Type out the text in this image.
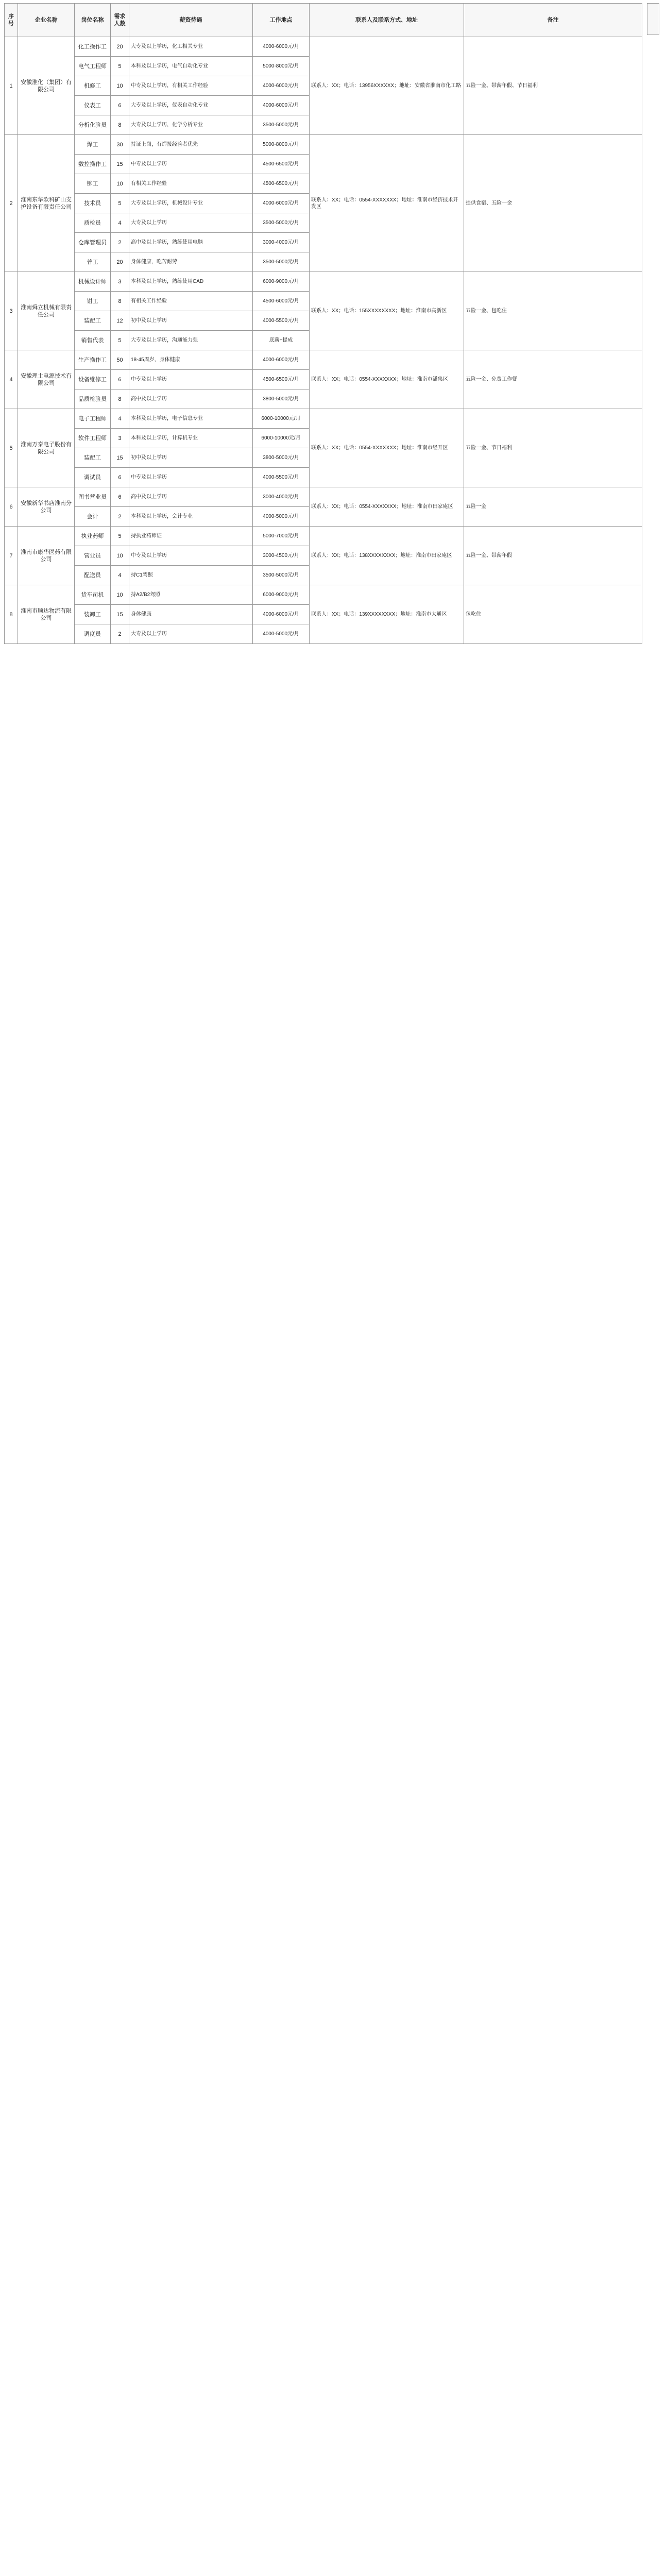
序号	企业名称	岗位名称	需求人数	薪资待遇	工作地点	联系人及联系方式、地址	备注
1	安徽淮化（集团）有限公司	化工操作工	20	大专及以上学历，化工相关专业	4000-6000元/月	联系人：XX；电话：13956XXXXXX；地址：安徽省淮南市化工路	五险一金、带薪年假、节日福利
		电气工程师	5	本科及以上学历，电气自动化专业	5000-8000元/月		
		机修工	10	中专及以上学历，有相关工作经验	4000-6000元/月		
		仪表工	6	大专及以上学历，仪表自动化专业	4000-6000元/月		
		分析化验员	8	大专及以上学历，化学分析专业	3500-5000元/月		
2	淮南东华欧科矿山支护设备有限责任公司	焊工	30	持证上岗，有焊接经验者优先	5000-8000元/月	联系人：XX；电话：0554-XXXXXXX；地址：淮南市经济技术开发区	提供食宿、五险一金
		数控操作工	15	中专及以上学历	4500-6500元/月		
		铆工	10	有相关工作经验	4500-6500元/月		
		技术员	5	大专及以上学历，机械设计专业	4000-6000元/月		
		质检员	4	大专及以上学历	3500-5000元/月		
		仓库管理员	2	高中及以上学历，熟练使用电脑	3000-4000元/月		
		普工	20	身体健康，吃苦耐劳	3500-5000元/月		
3	淮南舜立机械有限责任公司	机械设计师	3	本科及以上学历，熟练使用CAD	6000-9000元/月	联系人：XX；电话：155XXXXXXXX；地址：淮南市高新区	五险一金、包吃住
		钳工	8	有相关工作经验	4500-6000元/月		
		装配工	12	初中及以上学历	4000-5500元/月		
		销售代表	5	大专及以上学历，沟通能力强	底薪+提成		
4	安徽理士电源技术有限公司	生产操作工	50	18-45周岁，身体健康	4000-6000元/月	联系人：XX；电话：0554-XXXXXXX；地址：淮南市潘集区	五险一金、免费工作餐
		设备维修工	6	中专及以上学历	4500-6500元/月		
		品质检验员	8	高中及以上学历	3800-5000元/月		
5	淮南万泰电子股份有限公司	电子工程师	4	本科及以上学历，电子信息专业	6000-10000元/月	联系人：XX；电话：0554-XXXXXXX；地址：淮南市经开区	五险一金、节日福利
		软件工程师	3	本科及以上学历，计算机专业	6000-10000元/月		
		装配工	15	初中及以上学历	3800-5000元/月		
		调试员	6	中专及以上学历	4000-5500元/月		
6	安徽新华书店淮南分公司	图书营业员	6	高中及以上学历	3000-4000元/月	联系人：XX；电话：0554-XXXXXXX；地址：淮南市田家庵区	五险一金
		会计	2	本科及以上学历，会计专业	4000-5000元/月		
7	淮南市康华医药有限公司	执业药师	5	持执业药师证	5000-7000元/月	联系人：XX；电话：138XXXXXXXX；地址：淮南市田家庵区	五险一金、带薪年假
		营业员	10	中专及以上学历	3000-4500元/月		
		配送员	4	持C1驾照	3500-5000元/月		
8	淮南市顺达物流有限公司	货车司机	10	持A2/B2驾照	6000-9000元/月	联系人：XX；电话：139XXXXXXXX；地址：淮南市大通区	包吃住
		装卸工	15	身体健康	4000-6000元/月		
		调度员	2	大专及以上学历	4000-5000元/月		
